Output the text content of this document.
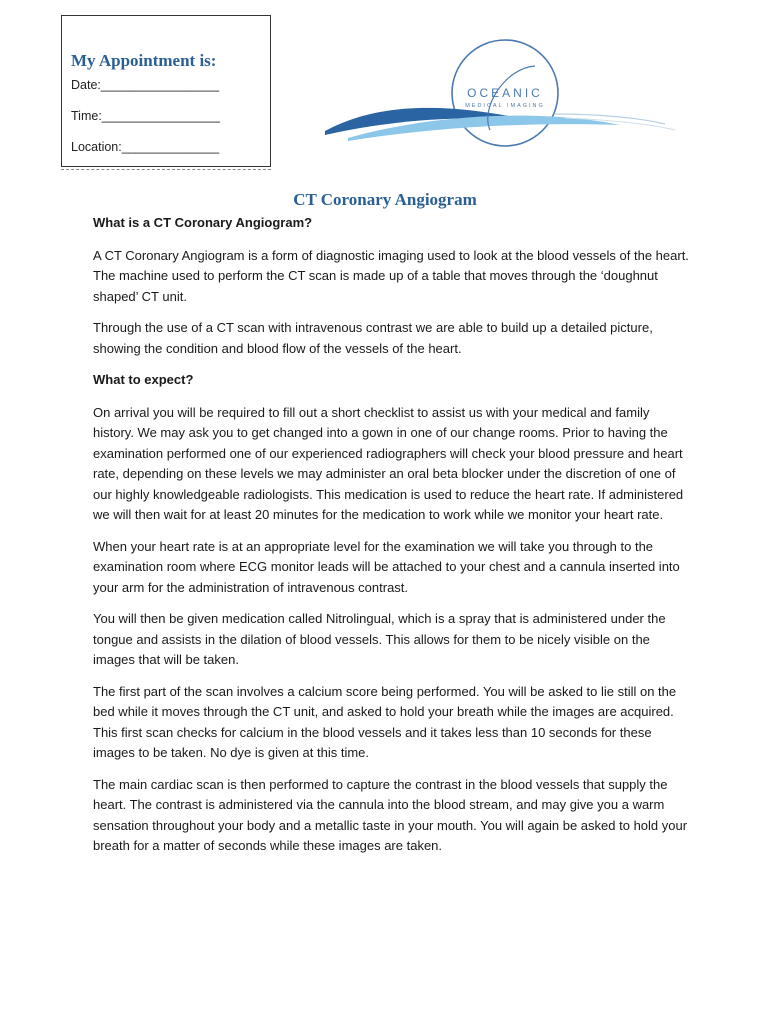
My Appointment is:
Date:_________________
Time:_________________
Location:______________
OCEANIC
MEDICAL IMAGING
CT Coronary Angiogram

What is a CT Coronary Angiogram?

A CT Coronary Angiogram is a form of diagnostic imaging used to look at the blood vessels of the heart. The machine used to perform the CT scan is made up of a table that moves through the ‘doughnut shaped’ CT unit.

Through the use of a CT scan with intravenous contrast we are able to build up a detailed picture, showing the condition and blood flow of the vessels of the heart.

What to expect?

On arrival you will be required to fill out a short checklist to assist us with your medical and family history. We may ask you to get changed into a gown in one of our change rooms. Prior to having the examination performed one of our experienced radiographers will check your blood pressure and heart rate, depending on these levels we may administer an oral beta blocker under the discretion of one of our highly knowledgeable radiologists. This medication is used to reduce the heart rate. If administered we will then wait for at least 20 minutes for the medication to work while we monitor your heart rate.

When your heart rate is at an appropriate level for the examination we will take you through to the examination room where ECG monitor leads will be attached to your chest and a cannula inserted into your arm for the administration of intravenous contrast.

You will then be given medication called Nitrolingual, which is a spray that is administered under the tongue and assists in the dilation of blood vessels. This allows for them to be nicely visible on the images that will be taken.

The first part of the scan involves a calcium score being performed. You will be asked to lie still on the bed while it moves through the CT unit, and asked to hold your breath while the images are acquired. This first scan checks for calcium in the blood vessels and it takes less than 10 seconds for these images to be taken. No dye is given at this time.

The main cardiac scan is then performed to capture the contrast in the blood vessels that supply the heart. The contrast is administered via the cannula into the blood stream, and may give you a warm sensation throughout your body and a metallic taste in your mouth. You will again be asked to hold your breath for a matter of seconds while these images are taken.
